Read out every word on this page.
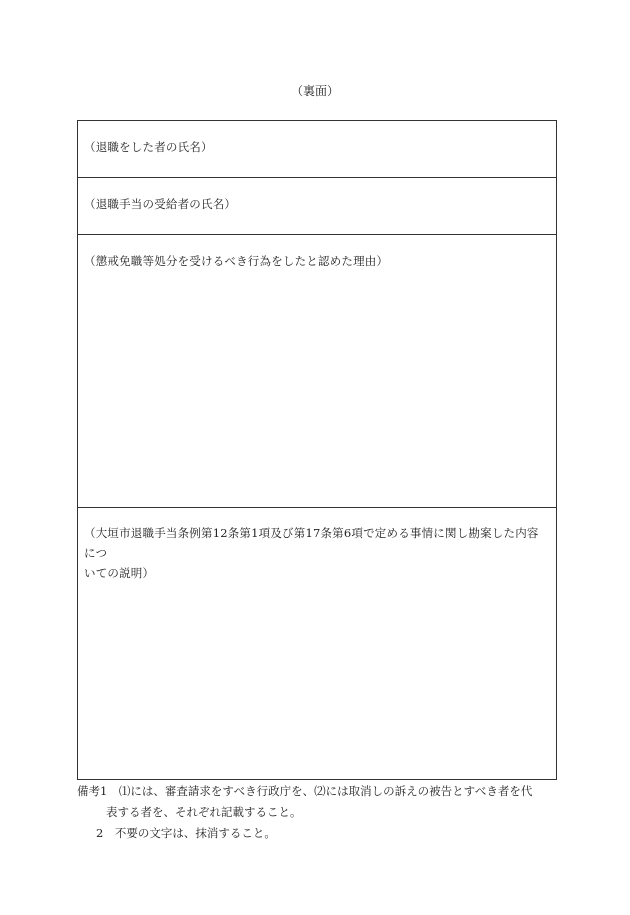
（裏面）
（退職をした者の氏名）
（退職手当の受給者の氏名）
（懲戒免職等処分を受けるべき行為をしたと認めた理由）
（大垣市退職手当条例第12条第1項及び第17条第6項で定める事情に関し勘案した内容につ
いての説明）
備考1　⑴には、審査請求をすべき行政庁を、⑵には取消しの訴えの被告とすべき者を代
表する者を、それぞれ記載すること。
2　不要の文字は、抹消すること。
